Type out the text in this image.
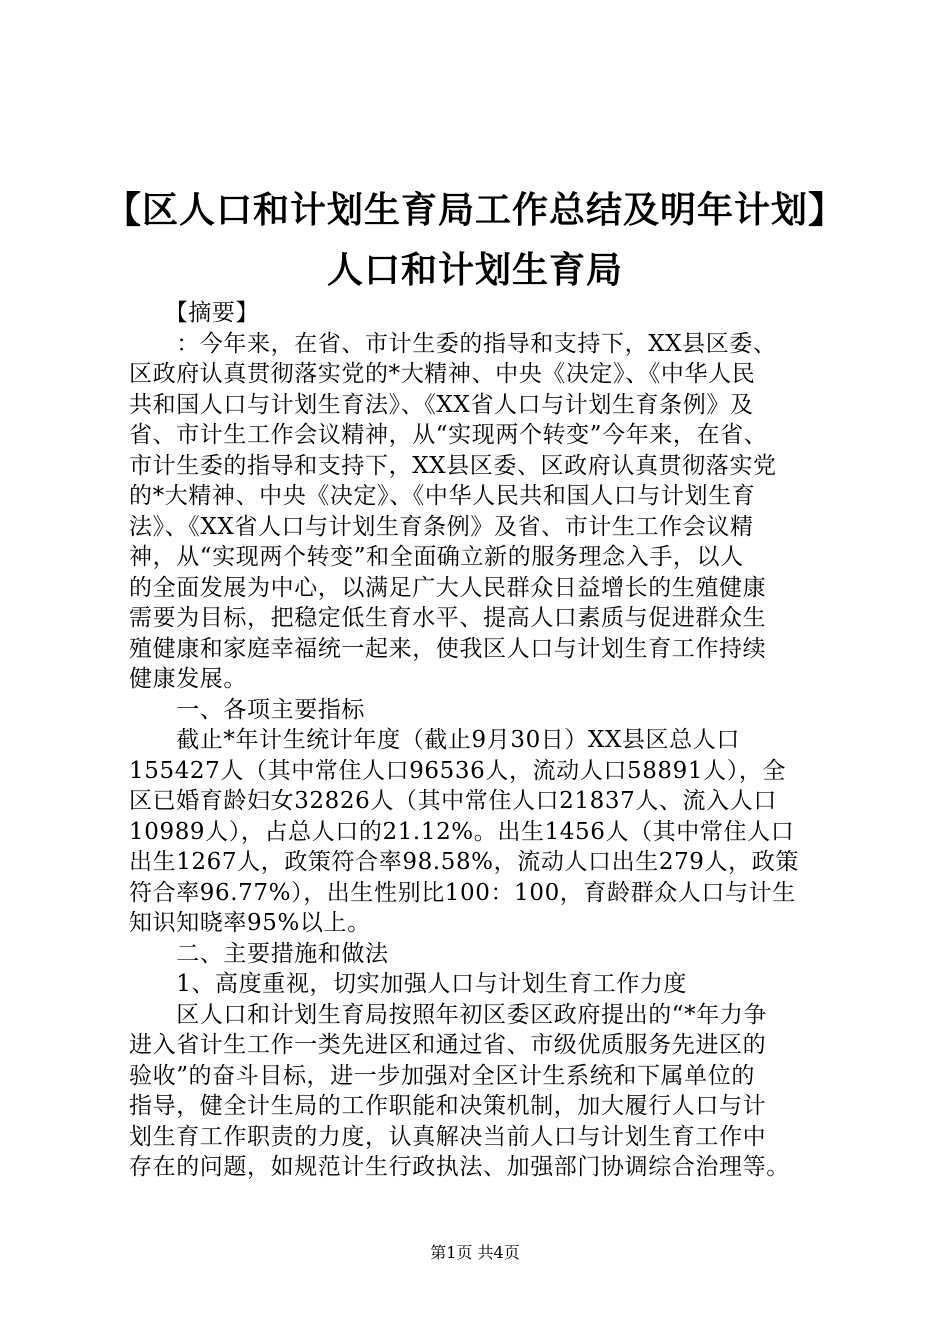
【区人口和计划生育局工作总结及明年计划】
人口和计划生育局
　　【摘要】
　　：今年来，在省、市计生委的指导和支持下，XX县区委、
区政府认真贯彻落实党的*大精神、中央《决定》、《中华人民
共和国人口与计划生育法》、《XX省人口与计划生育条例》及
省、市计生工作会议精神，从“实现两个转变”今年来，在省、
市计生委的指导和支持下，XX县区委、区政府认真贯彻落实党
的*大精神、中央《决定》、《中华人民共和国人口与计划生育
法》、《XX省人口与计划生育条例》及省、市计生工作会议精
神，从“实现两个转变”和全面确立新的服务理念入手，以人
的全面发展为中心，以满足广大人民群众日益增长的生殖健康
需要为目标，把稳定低生育水平、提高人口素质与促进群众生
殖健康和家庭幸福统一起来，使我区人口与计划生育工作持续
健康发展。
　　一、各项主要指标
　　截止*年计生统计年度（截止9月30日）XX县区总人口
155427人（其中常住人口96536人，流动人口58891人），全
区已婚育龄妇女32826人（其中常住人口21837人、流入人口
10989人），占总人口的21.12%。出生1456人（其中常住人口
出生1267人，政策符合率98.58%，流动人口出生279人，政策
符合率96.77%），出生性别比100：100，育龄群众人口与计生
知识知晓率95%以上。
　　二、主要措施和做法
　　1、高度重视，切实加强人口与计划生育工作力度
　　区人口和计划生育局按照年初区委区政府提出的“*年力争
进入省计生工作一类先进区和通过省、市级优质服务先进区的
验收”的奋斗目标，进一步加强对全区计生系统和下属单位的
指导，健全计生局的工作职能和决策机制，加大履行人口与计
划生育工作职责的力度，认真解决当前人口与计划生育工作中
存在的问题，如规范计生行政执法、加强部门协调综合治理等。
第1页 共4页
